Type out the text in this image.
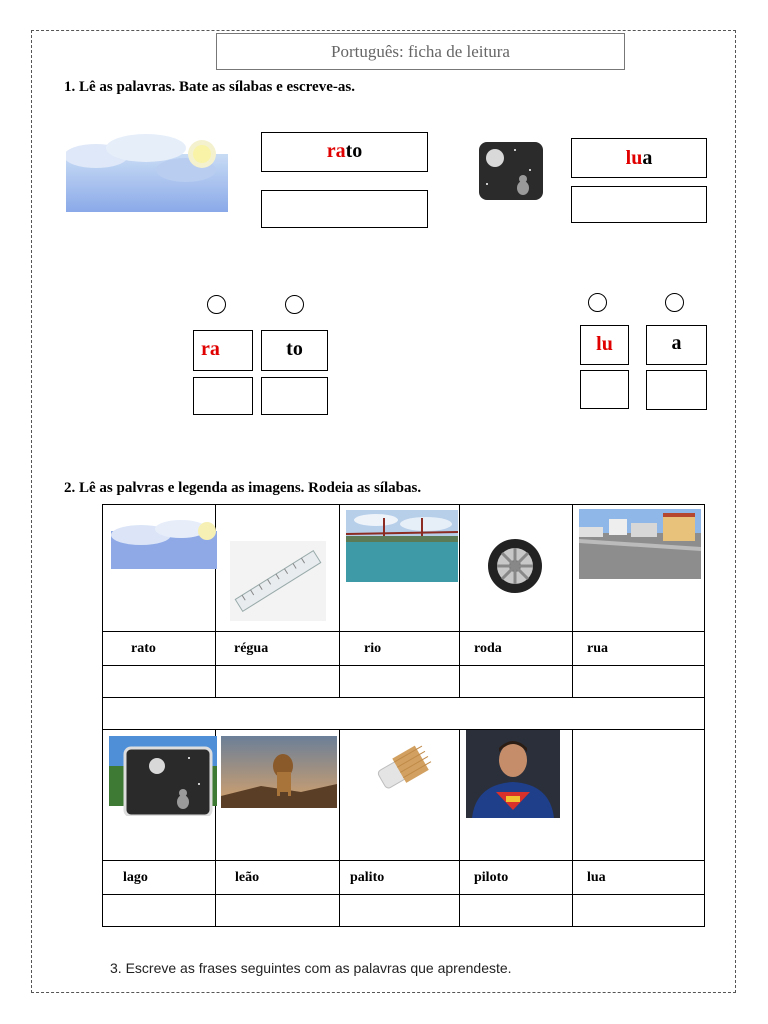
Português: ficha de leitura
1. Lê as palavras. Bate as sílabas e escreve-as.
rato	lua
ra	to	lu	a
2. Lê as palvras e legenda as imagens. Rodeia as sílabas.

rato	régua	rio	roda	rua

lago	leão	palito	piloto	lua

3. Escreve as frases seguintes com as palavras que aprendeste.
